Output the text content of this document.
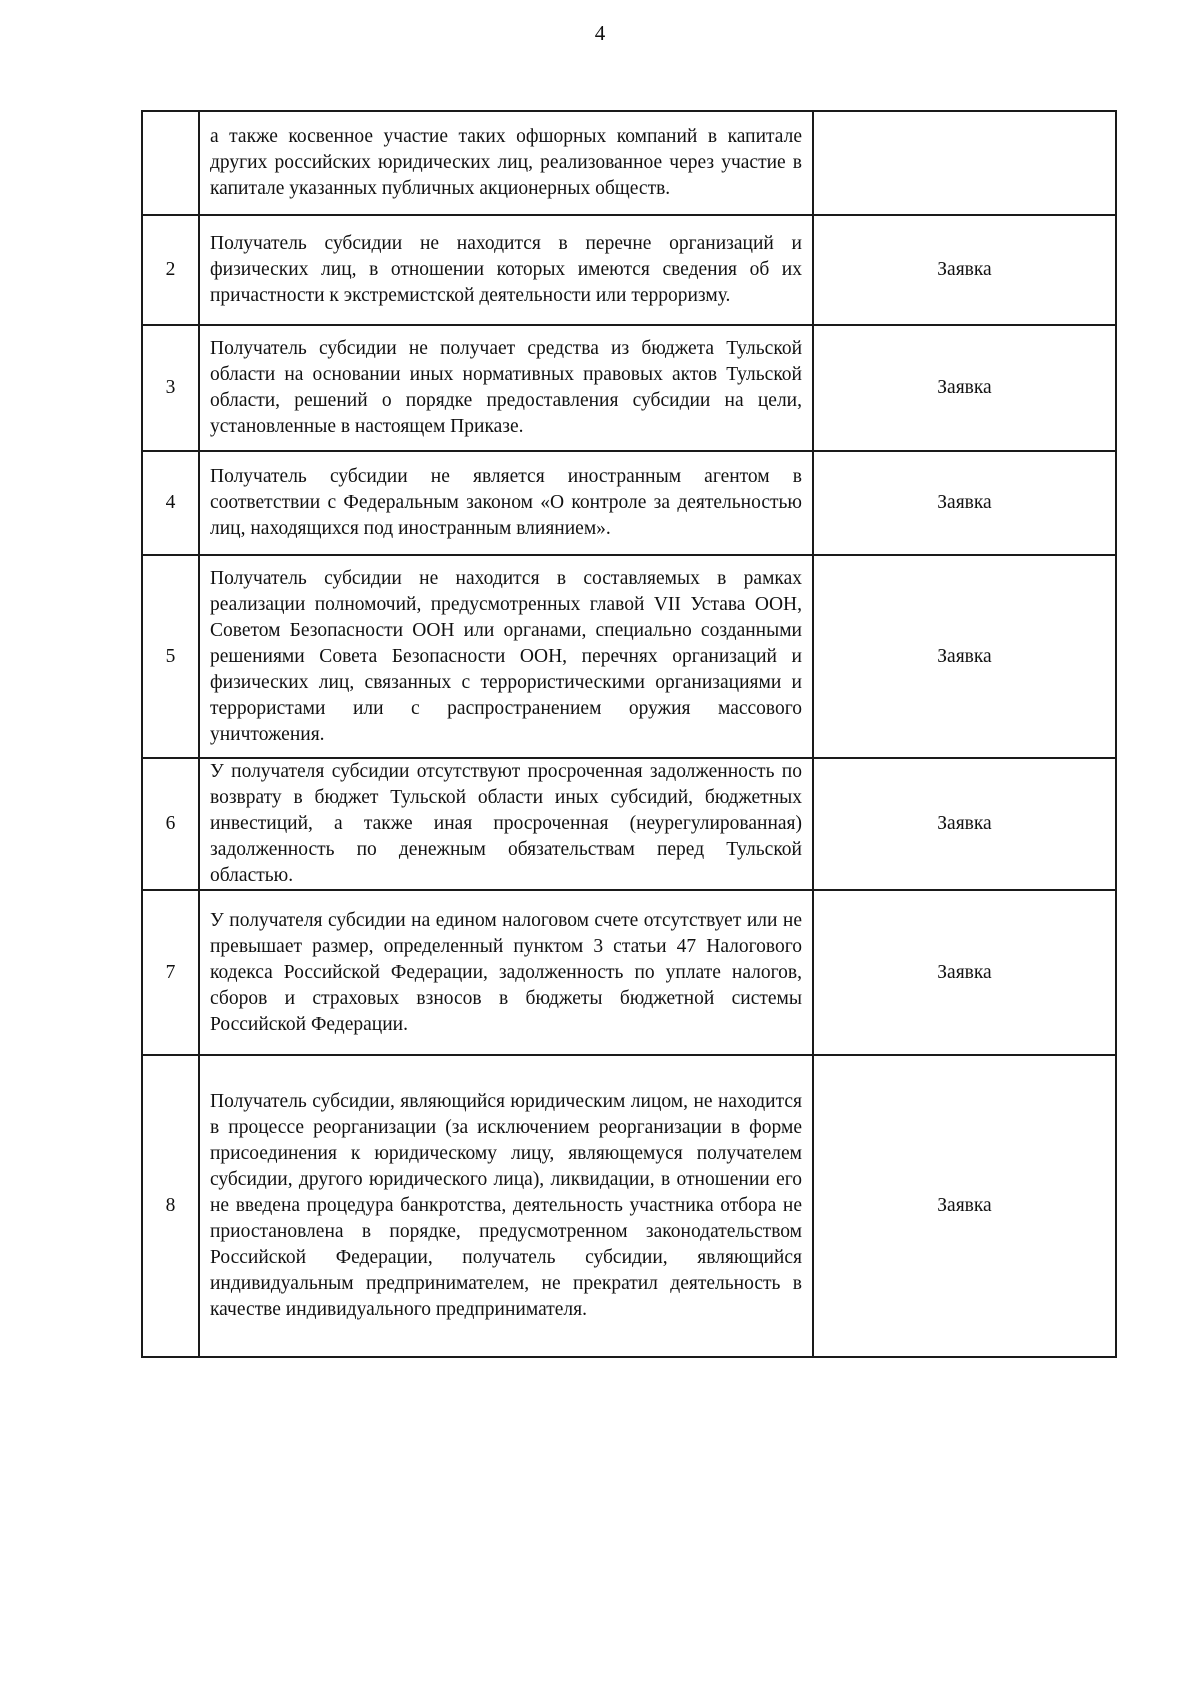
4
	а также косвенное участие таких офшорных компаний в капитале других российских юридических лиц, реализованное через участие в капитале указанных публичных акционерных обществ.	
2	Получатель субсидии не находится в перечне организаций и физических лиц, в отношении которых имеются сведения об их причастности к экстремистской деятельности или терроризму.	Заявка
3	Получатель субсидии не получает средства из бюджета Тульской области на основании иных нормативных правовых актов Тульской области, решений о порядке предоставления субсидии на цели, установленные в настоящем Приказе.	Заявка
4	Получатель субсидии не является иностранным агентом в соответствии с Федеральным законом «О контроле за деятельностью лиц, находящихся под иностранным влиянием».	Заявка
5	Получатель субсидии не находится в составляемых в рамках реализации полномочий, предусмотренных главой VII Устава ООН, Советом Безопасности ООН или органами, специально созданными решениями Совета Безопасности ООН, перечнях организаций и физических лиц, связанных с террористическими организациями и террористами или с распространением оружия массового уничтожения.	Заявка
6	У получателя субсидии отсутствуют просроченная задолженность по возврату в бюджет Тульской области иных субсидий, бюджетных инвестиций, а также иная просроченная (неурегулированная) задолженность по денежным обязательствам перед Тульской областью.	Заявка
7	У получателя субсидии на едином налоговом счете отсутствует или не превышает размер, определенный пунктом 3 статьи 47 Налогового кодекса Российской Федерации, задолженность по уплате налогов, сборов и страховых взносов в бюджеты бюджетной системы Российской Федерации.	Заявка
8	Получатель субсидии, являющийся юридическим лицом, не находится в процессе реорганизации (за исключением реорганизации в форме присоединения к юридическому лицу, являющемуся получателем субсидии, другого юридического лица), ликвидации, в отношении его не введена процедура банкротства, деятельность участника отбора не приостановлена в порядке, предусмотренном законодательством Российской Федерации, получатель субсидии, являющийся индивидуальным предпринимателем, не прекратил деятельность в качестве индивидуального предпринимателя.	Заявка
